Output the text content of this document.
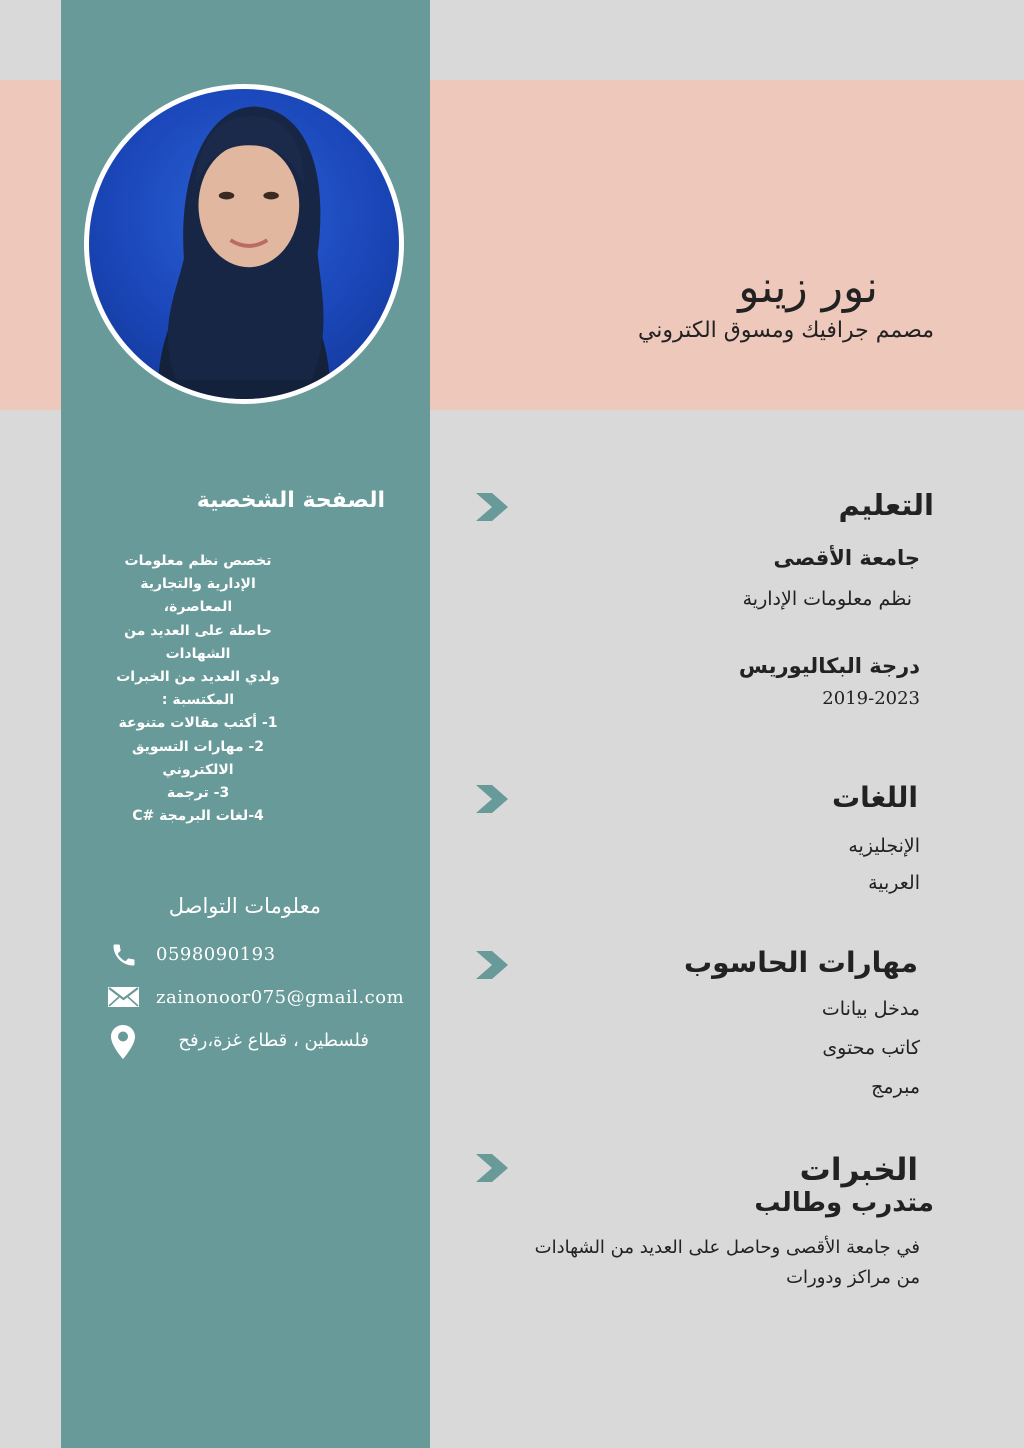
نور زينو
مصمم جرافيك ومسوق الكتروني
الصفحة الشخصية
تخصص نظم معلومات
الإدارية والتجارية
المعاصرة،
حاصلة على العديد من
الشهادات
ولدي العديد من الخبرات
المكتسبة :
1- أكتب مقالات متنوعة
2- مهارات التسويق
الالكتروني
3- ترجمة
4-لغات البرمجة #C
معلومات التواصل
0598090193
zainonoor075@gmail.com
فلسطين ، قطاع غزة،رفح
التعليم
جامعة الأقصى
نظم معلومات الإدارية
درجة البكاليوريس
2019-2023
اللغات
الإنجليزيه
العربية
مهارات الحاسوب
مدخل بيانات
كاتب محتوى
مبرمج
الخبرات
متدرب وطالب
في جامعة الأقصى وحاصل على العديد من الشهادات
من مراكز ودورات
